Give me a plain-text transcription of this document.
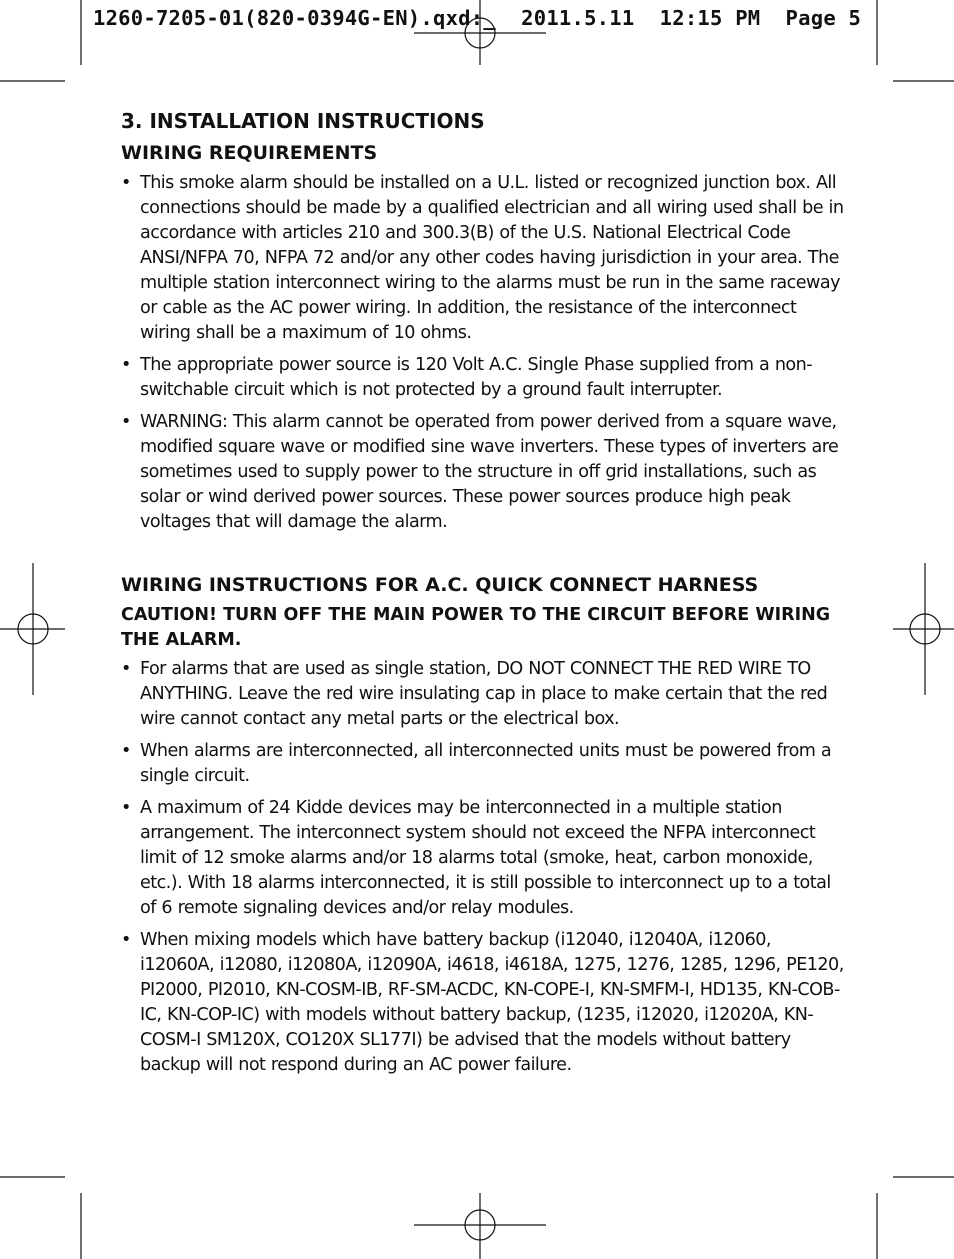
1260-7205-01(820-0394G-EN).qxd:_  2011.5.11  12:15 PM  Page 5
3. INSTALLATION INSTRUCTIONS
WIRING REQUIREMENTS
• This smoke alarm should be installed on a U.L. listed or recognized junction box. All connections should be made by a qualified electrician and all wiring used shall be in accordance with articles 210 and 300.3(B) of the U.S. National Electrical Code ANSI/NFPA 70, NFPA 72 and/or any other codes having jurisdiction in your area. The multiple station interconnect wiring to the alarms must be run in the same raceway or cable as the AC power wiring. In addition, the resistance of the interconnect wiring shall be a maximum of 10 ohms.
• The appropriate power source is 120 Volt A.C. Single Phase supplied from a non-switchable circuit which is not protected by a ground fault interrupter.
• WARNING: This alarm cannot be operated from power derived from a square wave, modified square wave or modified sine wave inverters. These types of inverters are sometimes used to supply power to the structure in off grid installations, such as solar or wind derived power sources. These power sources produce high peak voltages that will damage the alarm.
WIRING INSTRUCTIONS FOR A.C. QUICK CONNECT HARNESS

CAUTION! TURN OFF THE MAIN POWER TO THE CIRCUIT BEFORE WIRING THE ALARM.

• For alarms that are used as single station, DO NOT CONNECT THE RED WIRE TO ANYTHING. Leave the red wire insulating cap in place to make certain that the red wire cannot contact any metal parts or the electrical box.
• When alarms are interconnected, all interconnected units must be powered from a single circuit.
• A maximum of 24 Kidde devices may be interconnected in a multiple station arrangement. The interconnect system should not exceed the NFPA interconnect limit of 12 smoke alarms and/or 18 alarms total (smoke, heat, carbon monoxide, etc.). With 18 alarms interconnected, it is still possible to interconnect up to a total of 6 remote signaling devices and/or relay modules.
• When mixing models which have battery backup (i12040, i12040A, i12060, i12060A, i12080, i12080A, i12090A, i4618, i4618A, 1275, 1276, 1285, 1296, PE120, PI2000, PI2010, KN-COSM-IB, RF-SM-ACDC, KN-COPE-I, KN-SMFM-I, HD135, KN-COB-IC, KN-COP-IC) with models without battery backup, (1235, i12020, i12020A, KN-COSM-I SM120X, CO120X SL177I) be advised that the models without battery backup will not respond during an AC power failure.
